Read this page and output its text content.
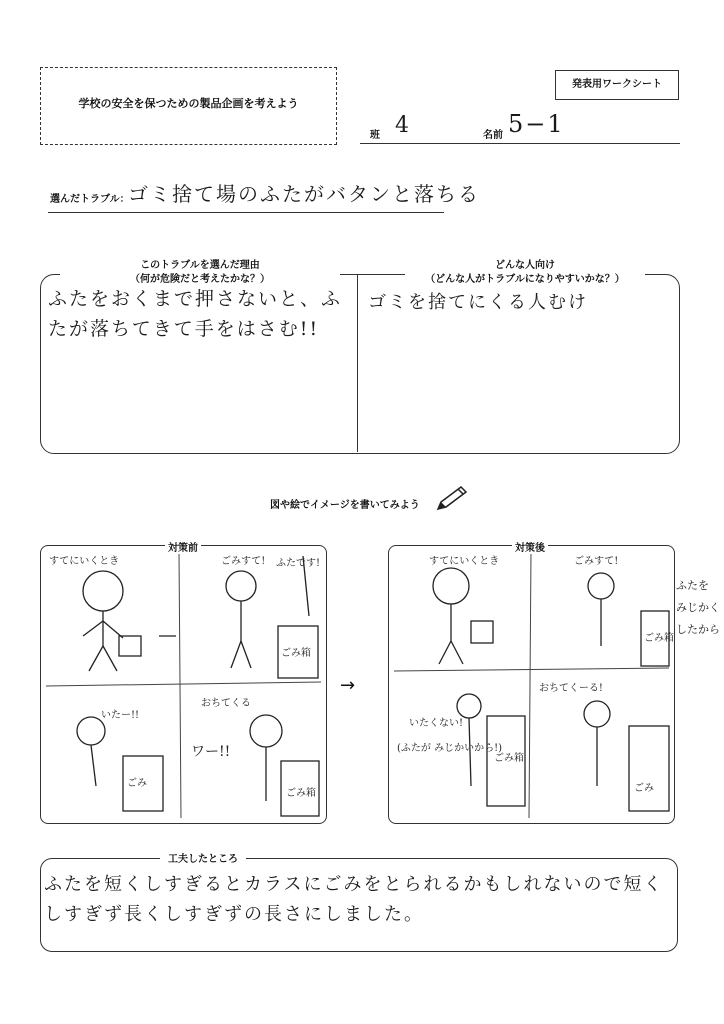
学校の安全を保つための製品企画を考えよう
発表用ワークシート
班 4	名前 5−1
選んだトラブル：
ゴミ捨て場のふたがバタンと落ちる
このトラブルを選んだ理由
（何が危険だと考えたかな？）
どんな人向け
（どんな人がトラブルになりやすいかな？）
ふたをおくまで押さないと、ふたが落ちてきて手をはさむ!!
ゴミを捨てにくる人むけ
図や絵でイメージを書いてみよう
すてにいくとき	ごみすて! ふたです!
おちてくる
ワー!!
いたー!!
ごみ箱
ごみ箱
ごみ
対策前
→
すてにいくとき	ごみすて!
おちてくーる!
いたくない!
(ふたが みじかいから!)
ごみ箱
ごみ箱
ごみ
対策後
ふたを みじかく したから
工夫したところ
ふたを短くしすぎるとカラスにごみをとられるかもしれないので短くしすぎず長くしすぎずの長さにしました。
